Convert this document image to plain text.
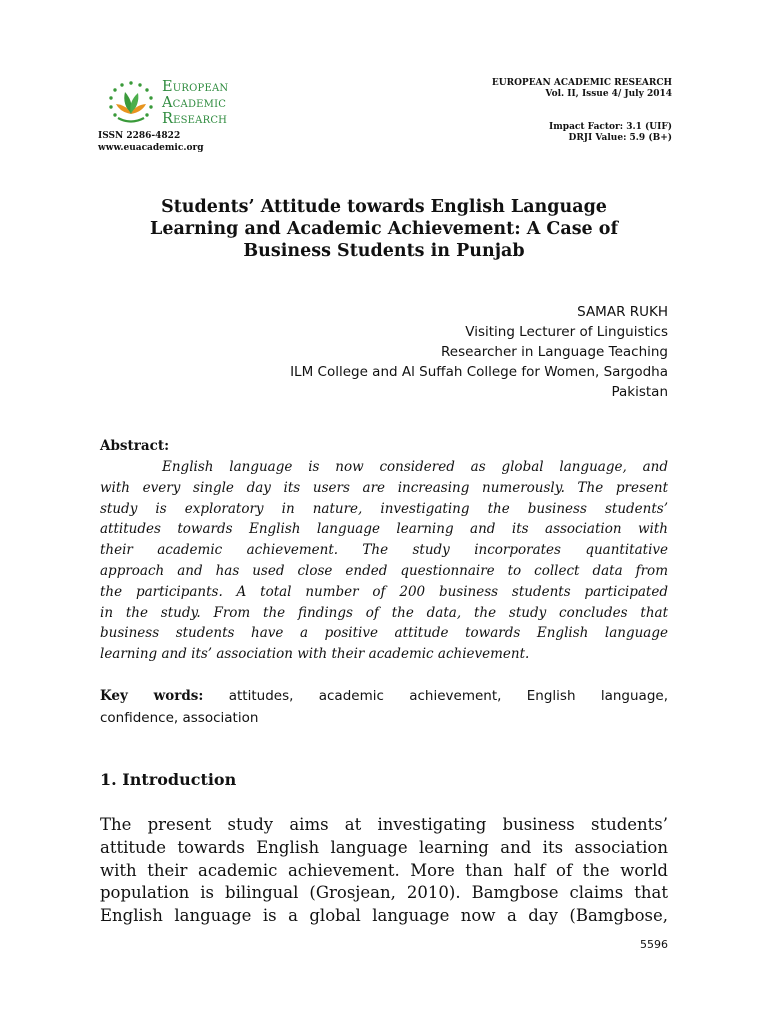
European
Academic
Research
ISSN 2286-4822
www.euacademic.org
EUROPEAN ACADEMIC RESEARCH
Vol. II, Issue 4/ July 2014
Impact Factor: 3.1 (UIF)
DRJI Value: 5.9 (B+)
Students’ Attitude towards English Language
Learning and Academic Achievement: A Case of
Business Students in Punjab
SAMAR RUKH
Visiting Lecturer of Linguistics
Researcher in Language Teaching
ILM College and Al Suffah College for Women, Sargodha
Pakistan
Abstract:
English language is now considered as global language, and
with every single day its users are increasing numerously. The present
study is exploratory in nature, investigating the business students’
attitudes towards English language learning and its association with
their academic achievement. The study incorporates quantitative
approach and has used close ended questionnaire to collect data from
the participants. A total number of 200 business students participated
in the study. From the findings of the data, the study concludes that
business students have a positive attitude towards English language
learning and its’ association with their academic achievement.
Key words: attitudes, academic achievement, English language,
confidence, association
1. Introduction
The present study aims at investigating business students’
attitude towards English language learning and its association
with their academic achievement. More than half of the world
population is bilingual (Grosjean, 2010). Bamgbose claims that
English language is a global language now a day (Bamgbose,
5596
